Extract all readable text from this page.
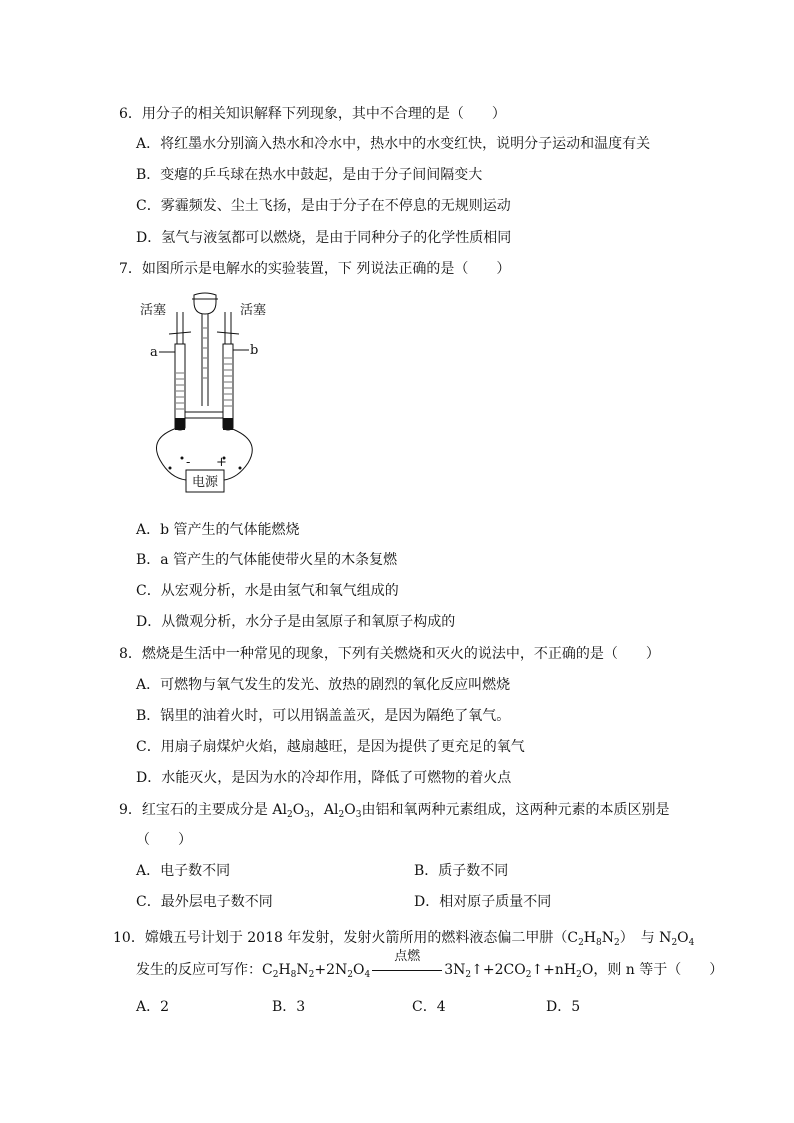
6．用分子的相关知识解释下列现象，其中不合理的是（　　）
A．将红墨水分别滴入热水和冷水中，热水中的水变红快，说明分子运动和温度有关
B．变瘪的乒乓球在热水中鼓起，是由于分子间间隔变大
C．雾霾频发、尘土飞扬，是由于分子在不停息的无规则运动
D．氢气与液氢都可以燃烧，是由于同种分子的化学性质相同
7．如图所示是电解水的实验装置，下 列说法正确的是（　　）
活塞	活塞
a	b
- +
电源
A．b 管产生的气体能燃烧
B．a 管产生的气体能使带火星的木条复燃
C．从宏观分析，水是由氢气和氧气组成的
D．从微观分析，水分子是由氢原子和氧原子构成的
8．燃烧是生活中一种常见的现象，下列有关燃烧和灭火的说法中，不正确的是（　　）
A．可燃物与氧气发生的发光、放热的剧烈的氧化反应叫燃烧
B．锅里的油着火时，可以用锅盖盖灭，是因为隔绝了氧气。
C．用扇子扇煤炉火焰，越扇越旺，是因为提供了更充足的氧气
D．水能灭火，是因为水的冷却作用，降低了可燃物的着火点
9．红宝石的主要成分是 $Al_2O_3$，$Al_2O_3$由铝和氧两种元素组成，这两种元素的本质区别是
（　　）
A．电子数不同	B．质子数不同
C．最外层电子数不同	D．相对原子质量不同
10．嫦娥五号计划于 2018 年发射，发射火箭所用的燃料液态偏二甲肼$(C_2H_8N_2)$　与 $N_2O_4$
发生的反应可写作：$C_2H_8N_2+2N_2O_4$
点燃
$3N_2↑+2CO_2↑+nH_2O$，则 n 等于（　　）
A．2	B．3	C．4	D．5
